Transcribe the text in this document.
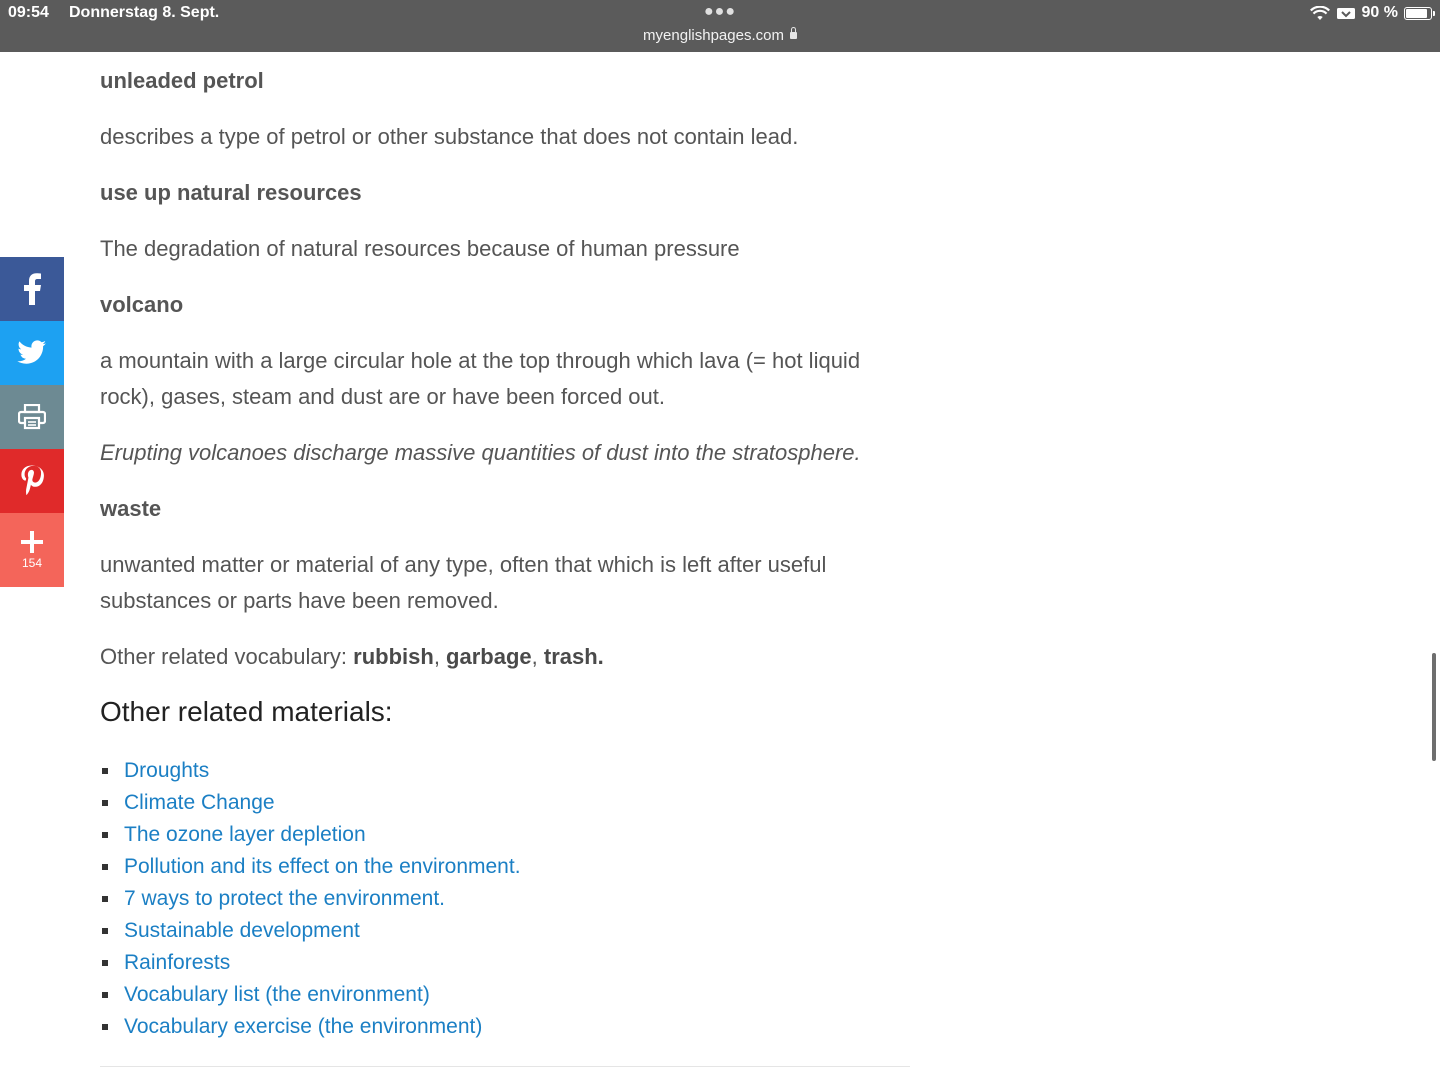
09:54 Donnerstag 8. Sept.	●●●
myenglishpages.com
90 %
154

unleaded petrol

describes a type of petrol or other substance that does not contain lead.

use up natural resources

The degradation of natural resources because of human pressure

volcano

a mountain with a large circular hole at the top through which lava (= hot liquid

rock), gases, steam and dust are or have been forced out.

Erupting volcanoes discharge massive quantities of dust into the stratosphere.

waste

unwanted matter or material of any type, often that which is left after useful

substances or parts have been removed.

Other related vocabulary: rubbish, garbage, trash.

Other related materials:
Droughts
Climate Change
The ozone layer depletion
Pollution and its effect on the environment.
7 ways to protect the environment.
Sustainable development
Rainforests
Vocabulary list (the environment)
Vocabulary exercise (the environment)
